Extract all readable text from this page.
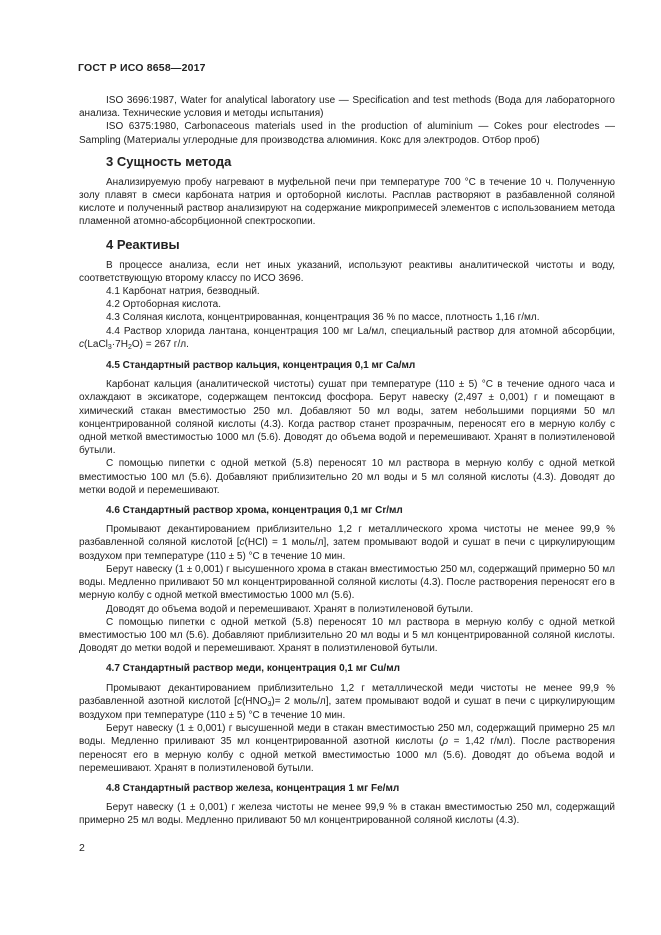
ГОСТ Р ИСО 8658—2017

ISO 3696:1987, Water for analytical laboratory use — Specification and test methods (Вода для лабораторного анализа. Технические условия и методы испытания)

ISO 6375:1980, Carbonaceous materials used in the production of aluminium — Cokes pour electrodes — Sampling (Материалы углеродные для производства алюминия. Кокс для электродов. Отбор проб)

3 Сущность метода

Анализируемую пробу нагревают в муфельной печи при температуре 700 °С в течение 10 ч. Полученную золу плавят в смеси карбоната натрия и ортоборной кислоты. Расплав растворяют в разбавленной соляной кислоте и полученный раствор анализируют на содержание микропримесей элементов с использованием метода пламенной атомно-абсорбционной спектроскопии.

4 Реактивы

В процессе анализа, если нет иных указаний, используют реактивы аналитической чистоты и воду, соответствующую второму классу по ИСО 3696.

4.1 Карбонат натрия, безводный.

4.2 Ортоборная кислота.

4.3 Соляная кислота, концентрированная, концентрация 36 % по массе, плотность 1,16 г/мл.

4.4 Раствор хлорида лантана, концентрация 100 мг La/мл, специальный раствор для атомной абсорбции, $c(LaCl_3\cdot 7H_2O) = 267$ г/л.

4.5 Стандартный раствор кальция, концентрация 0,1 мг Са/мл

Карбонат кальция (аналитической чистоты) сушат при температуре (110 ± 5) °С в течение одного часа и охлаждают в эксикаторе, содержащем пентоксид фосфора. Берут навеску (2,497 ± 0,001) г и помещают в химический стакан вместимостью 250 мл. Добавляют 50 мл воды, затем небольшими порциями 50 мл концентрированной соляной кислоты (4.3). Когда раствор станет прозрачным, переносят его в мерную колбу с одной меткой вместимостью 1000 мл (5.6). Доводят до объема водой и перемешивают. Хранят в полиэтиленовой бутыли.

С помощью пипетки с одной меткой (5.8) переносят 10 мл раствора в мерную колбу с одной меткой вместимостью 100 мл (5.6). Добавляют приблизительно 20 мл воды и 5 мл соляной кислоты (4.3). Доводят до метки водой и перемешивают.

4.6 Стандартный раствор хрома, концентрация 0,1 мг Cr/мл

Промывают декантированием приблизительно 1,2 г металлического хрома чистоты не менее 99,9 % разбавленной соляной кислотой [c(HCl) = 1 моль/л], затем промывают водой и сушат в печи с циркулирующим воздухом при температуре (110 ± 5) °С в течение 10 мин.

Берут навеску (1 ± 0,001) г высушенного хрома в стакан вместимостью 250 мл, содержащий примерно 50 мл воды. Медленно приливают 50 мл концентрированной соляной кислоты (4.3). После растворения переносят его в мерную колбу с одной меткой вместимостью 1000 мл (5.6).

Доводят до объема водой и перемешивают. Хранят в полиэтиленовой бутыли.

С помощью пипетки с одной меткой (5.8) переносят 10 мл раствора в мерную колбу с одной меткой вместимостью 100 мл (5.6). Добавляют приблизительно 20 мл воды и 5 мл концентрированной соляной кислоты. Доводят до метки водой и перемешивают. Хранят в полиэтиленовой бутыли.

4.7 Стандартный раствор меди, концентрация 0,1 мг Cu/мл

Промывают декантированием приблизительно 1,2 г металлической меди чистоты не менее 99,9 % разбавленной азотной кислотой [$c(HNO_3)= 2$ моль/л], затем промывают водой и сушат в печи с циркулирующим воздухом при температуре (110 ± 5) °С в течение 10 мин.

Берут навеску (1 ± 0,001) г высушенной меди в стакан вместимостью 250 мл, содержащий примерно 25 мл воды. Медленно приливают 35 мл концентрированной азотной кислоты (ρ = 1,42 г/мл). После растворения переносят его в мерную колбу с одной меткой вместимостью 1000 мл (5.6). Доводят до объема водой и перемешивают. Хранят в полиэтиленовой бутыли.

4.8 Стандартный раствор железа, концентрация 1 мг Fe/мл

Берут навеску (1 ± 0,001) г железа чистоты не менее 99,9 % в стакан вместимостью 250 мл, содержащий примерно 25 мл воды. Медленно приливают 50 мл концентрированной соляной кислоты (4.3).

2
